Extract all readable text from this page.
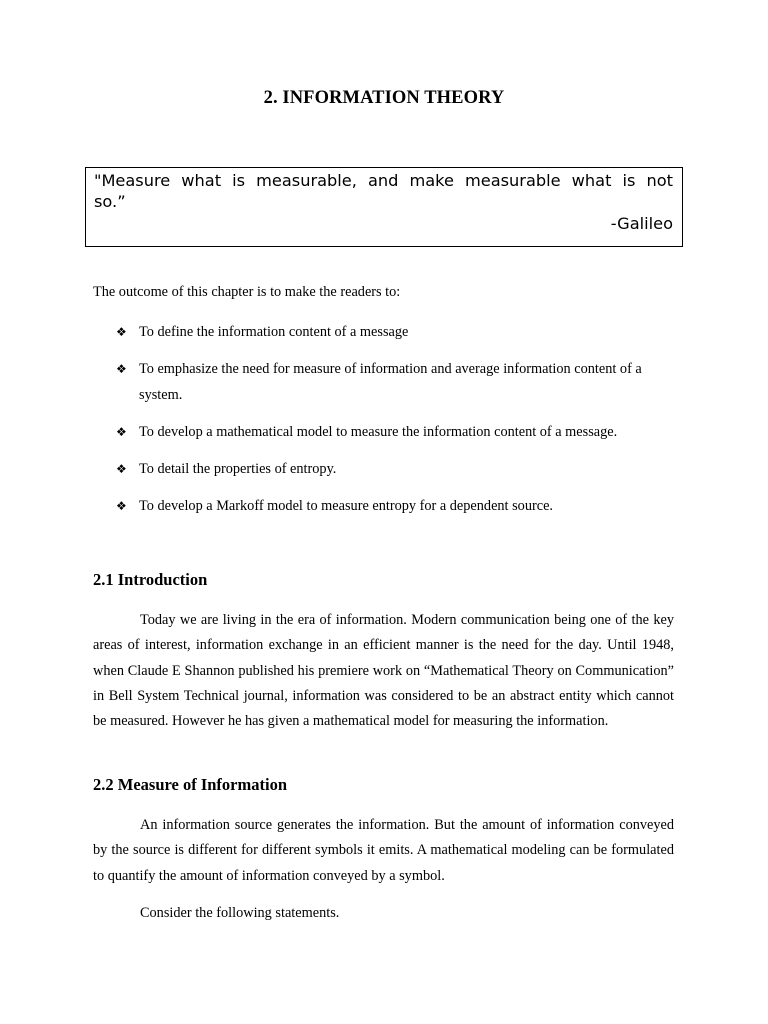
2. INFORMATION THEORY
"Measure what is measurable, and make measurable what is not so.”
-Galileo
The outcome of this chapter is to make the readers to:
❖ To define the information content of a message
❖ To emphasize the need for measure of information and average information content of a system.
❖ To develop a mathematical model to measure the information content of a message.
❖ To detail the properties of entropy.
❖ To develop a Markoff model to measure entropy for a dependent source.
2.1 Introduction

Today we are living in the era of information. Modern communication being one of the key areas of interest, information exchange in an efficient manner is the need for the day. Until 1948, when Claude E Shannon published his premiere work on “Mathematical Theory on Communication” in Bell System Technical journal, information was considered to be an abstract entity which cannot be measured. However he has given a mathematical model for measuring the information.

2.2 Measure of Information

An information source generates the information. But the amount of information conveyed by the source is different for different symbols it emits. A mathematical modeling can be formulated to quantify the amount of information conveyed by a symbol.

Consider the following statements.
